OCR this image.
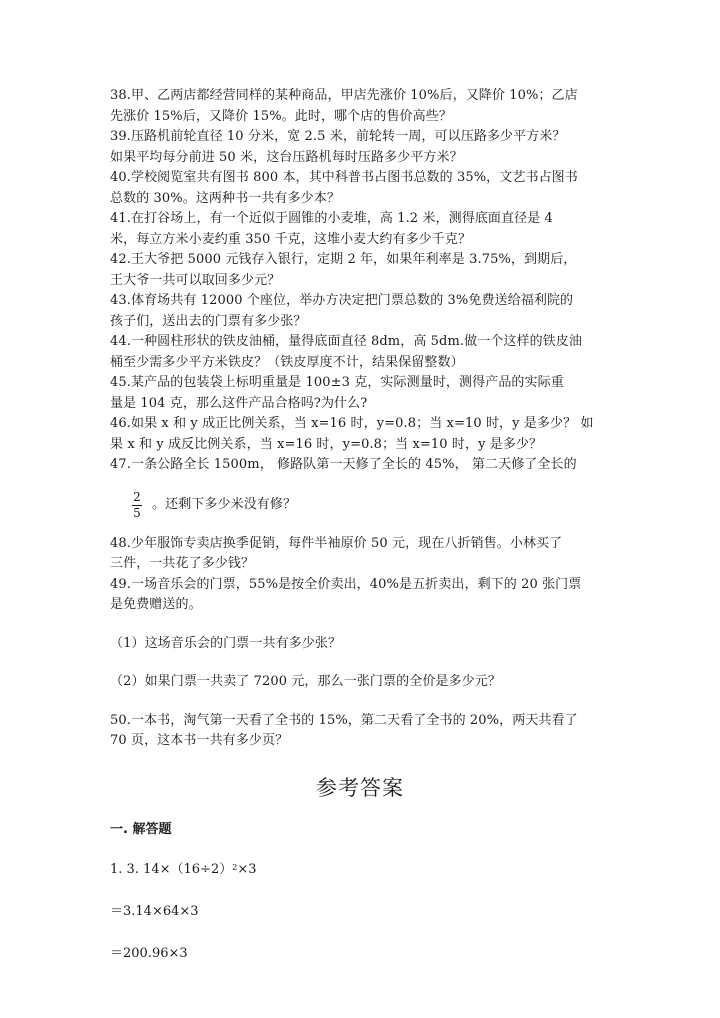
38.甲、乙两店都经营同样的某种商品，甲店先涨价 10%后，又降价 10%；乙店
先涨价 15%后，又降价 15%。此时，哪个店的售价高些？
39.压路机前轮直径 10 分米，宽 2.5 米，前轮转一周，可以压路多少平方米？
如果平均每分前进 50 米，这台压路机每时压路多少平方米？
40.学校阅览室共有图书 800 本，其中科普书占图书总数的 35%，文艺书占图书
总数的 30%。这两种书一共有多少本？
41.在打谷场上，有一个近似于圆锥的小麦堆，高 1.2 米，测得底面直径是 4
米，每立方米小麦约重 350 千克，这堆小麦大约有多少千克？
42.王大爷把 5000 元钱存入银行，定期 2 年，如果年利率是 3.75%，到期后，
王大爷一共可以取回多少元？
43.体育场共有 12000 个座位，举办方决定把门票总数的 3%免费送给福利院的
孩子们，送出去的门票有多少张？
44.一种圆柱形状的铁皮油桶，量得底面直径 8dm，高 5dm.做一个这样的铁皮油
桶至少需多少平方米铁皮？（铁皮厚度不计，结果保留整数）
45.某产品的包装袋上标明重量是 100±3 克，实际测量时，测得产品的实际重
量是 104 克，那么这件产品合格吗?为什么?
46.如果 x 和 y 成正比例关系，当 x=16 时，y=0.8；当 x=10 时，y 是多少？ 如
果 x 和 y 成反比例关系，当 x=16 时，y=0.8；当 x=10 时，y 是多少？
47.一条公路全长 1500m， 修路队第一天修了全长的 45%， 第二天修了全长的
$\frac{2}{5}$ 。还剩下多少米没有修？
48.少年服饰专卖店换季促销，每件半袖原价 50 元，现在八折销售。小林买了
三件，一共花了多少钱？
49.一场音乐会的门票，55%是按全价卖出，40%是五折卖出，剩下的 20 张门票
是免费赠送的。
（1）这场音乐会的门票一共有多少张？
（2）如果门票一共卖了 7200 元，那么一张门票的全价是多少元？
50.一本书，淘气第一天看了全书的 15%，第二天看了全书的 20%，两天共看了
70 页，这本书一共有多少页？
参考答案
一. 解答题
1. 3. $14\times(16\div 2)^2\times 3$
＝3.14×64×3
＝200.96×3
